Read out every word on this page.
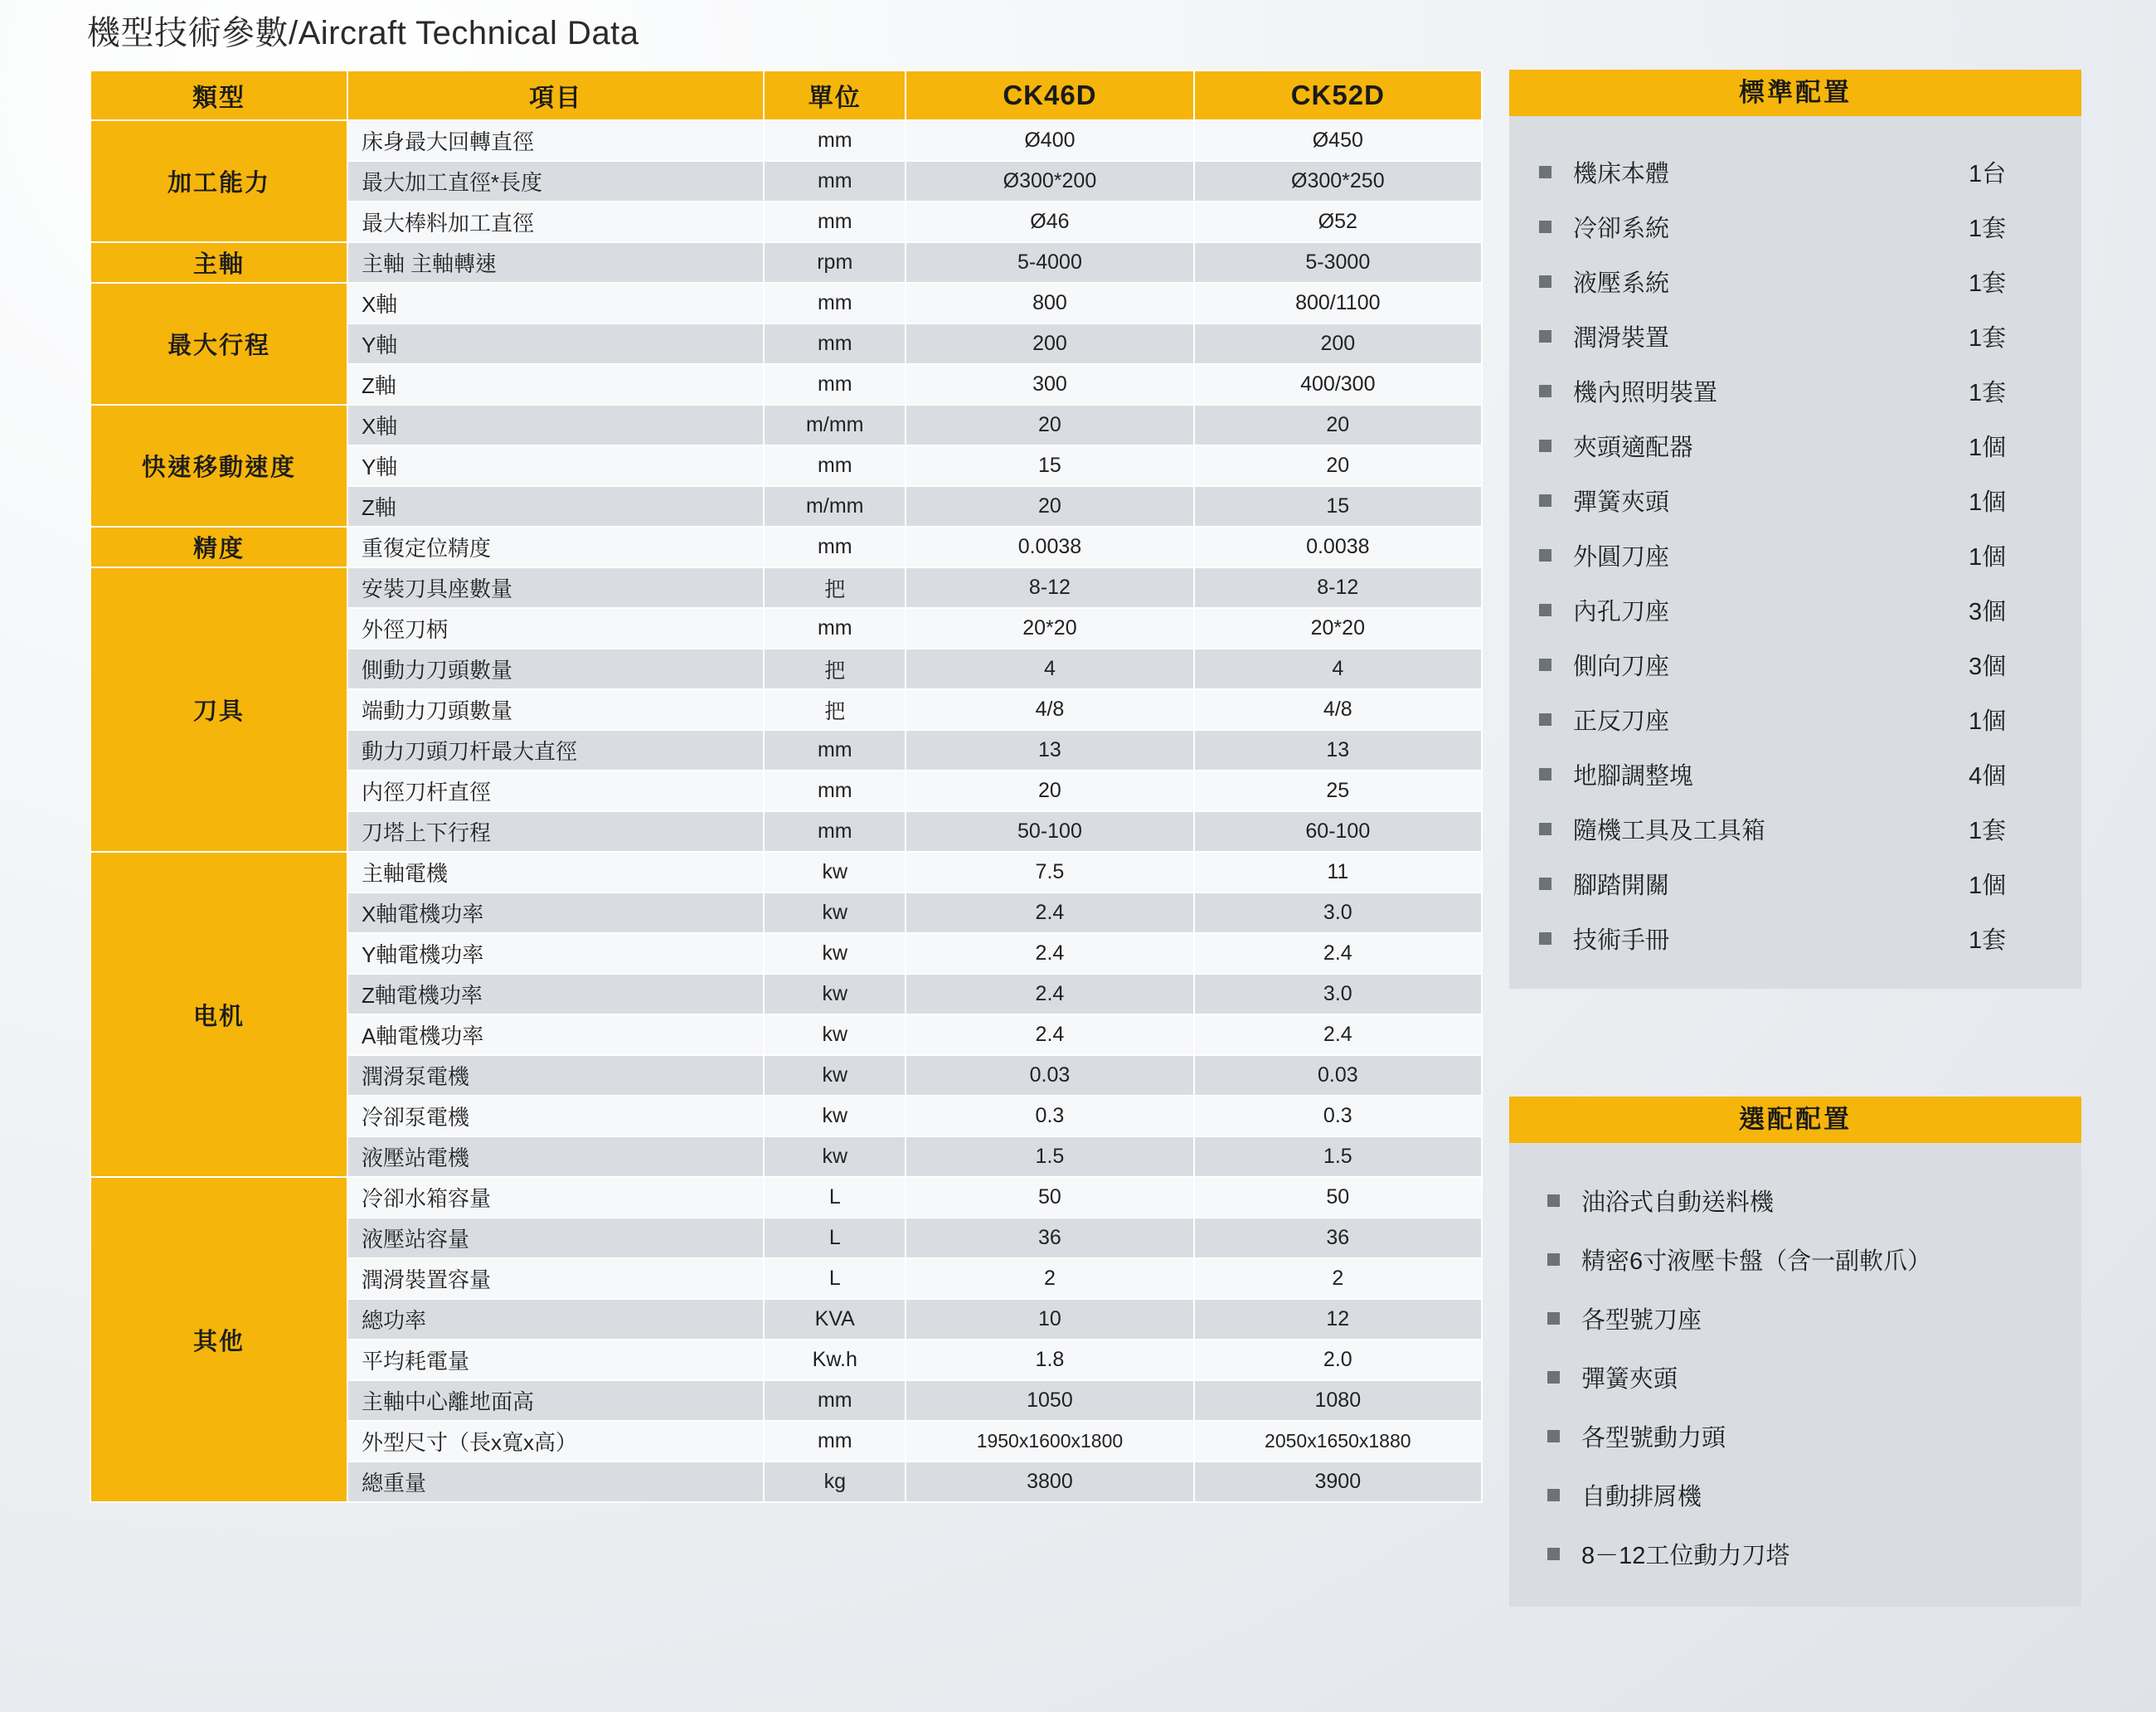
機型技術參數/Aircraft Technical Data
類型	項目	單位	CK46D	CK52D
加工能力	床身最大回轉直徑	mm	Ø400	Ø450
	最大加工直徑*長度	mm	Ø300*200	Ø300*250
	最大棒料加工直徑	mm	Ø46	Ø52
主軸	主軸 主軸轉速	rpm	5-4000	5-3000
最大行程	X軸	mm	800	800/1100
	Y軸	mm	200	200
	Z軸	mm	300	400/300
快速移動速度	X軸	m/mm	20	20
	Y軸	mm	15	20
	Z軸	m/mm	20	15
精度	重復定位精度	mm	0.0038	0.0038
刀具	安裝刀具座數量	把	8-12	8-12
	外徑刀柄	mm	20*20	20*20
	側動力刀頭數量	把	4	4
	端動力刀頭數量	把	4/8	4/8
	動力刀頭刀杆最大直徑	mm	13	13
	内徑刀杆直徑	mm	20	25
	刀塔上下行程	mm	50-100	60-100
电机	主軸電機	kw	7.5	11
	X軸電機功率	kw	2.4	3.0
	Y軸電機功率	kw	2.4	2.4
	Z軸電機功率	kw	2.4	3.0
	A軸電機功率	kw	2.4	2.4
	潤滑泵電機	kw	0.03	0.03
	冷卻泵電機	kw	0.3	0.3
	液壓站電機	kw	1.5	1.5
其他	冷卻水箱容量	L	50	50
	液壓站容量	L	36	36
	潤滑裝置容量	L	2	2
	總功率	KVA	10	12
	平均耗電量	Kw.h	1.8	2.0
	主軸中心離地面高	mm	1050	1080
	外型尺寸（長x寬x高）	mm	1950x1600x1800	2050x1650x1880
	總重量	kg	3800	3900
標準配置
機床本體	1台
冷卻系統	1套
液壓系統	1套
潤滑裝置	1套
機內照明裝置	1套
夾頭適配器	1個
彈簧夾頭	1個
外圓刀座	1個
內孔刀座	3個
側向刀座	3個
正反刀座	1個
地腳調整塊	4個
隨機工具及工具箱	1套
腳踏開關	1個
技術手冊	1套
選配配置
油浴式自動送料機
精密6寸液壓卡盤（含一副軟爪）
各型號刀座
彈簧夾頭
各型號動力頭
自動排屑機
8－12工位動力刀塔
